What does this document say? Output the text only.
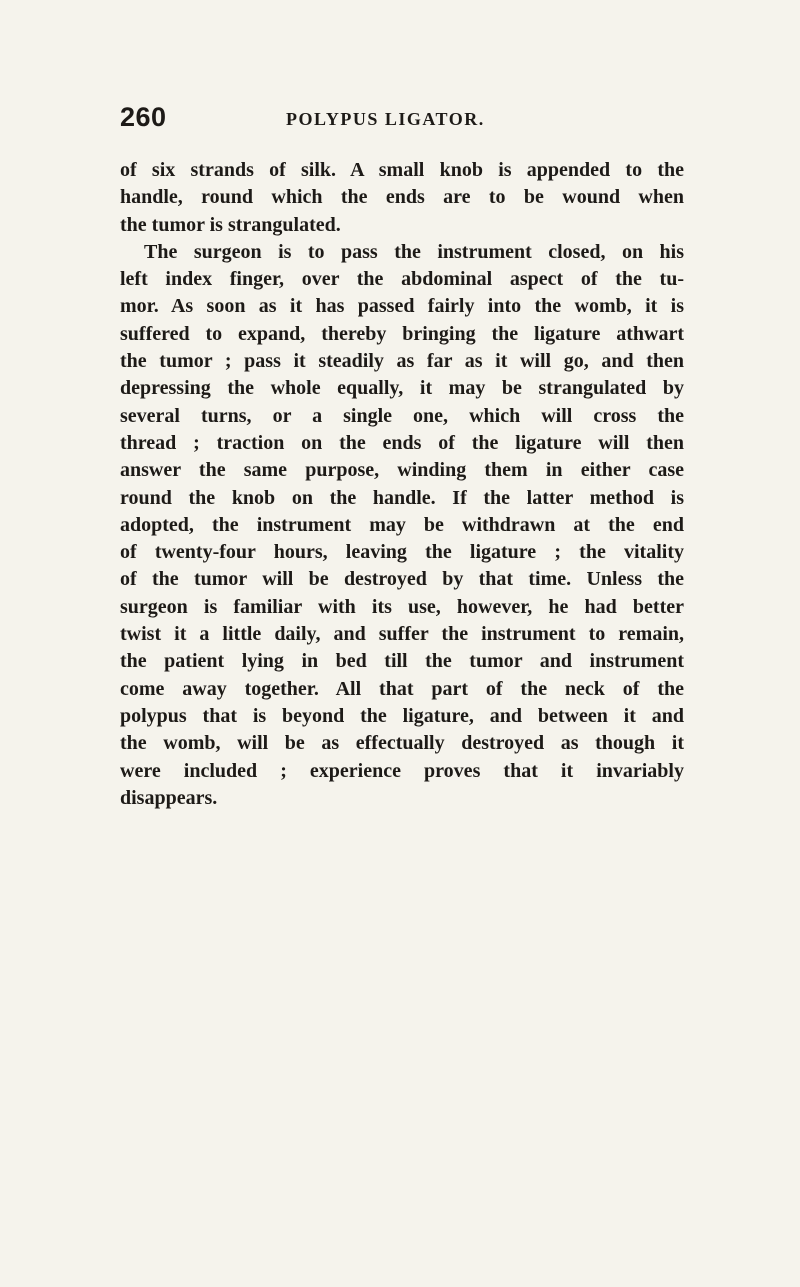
260	POLYPUS LIGATOR.
of six strands of silk. A small knob is appended to the
handle, round which the ends are to be wound when
the tumor is strangulated.
The surgeon is to pass the instrument closed, on his
left index finger, over the abdominal aspect of the tu-
mor. As soon as it has passed fairly into the womb, it is
suffered to expand, thereby bringing the ligature athwart
the tumor ; pass it steadily as far as it will go, and then
depressing the whole equally, it may be strangulated by
several turns, or a single one, which will cross the
thread ; traction on the ends of the ligature will then
answer the same purpose, winding them in either case
round the knob on the handle. If the latter method is
adopted, the instrument may be withdrawn at the end
of twenty-four hours, leaving the ligature ; the vitality
of the tumor will be destroyed by that time. Unless the
surgeon is familiar with its use, however, he had better
twist it a little daily, and suffer the instrument to remain,
the patient lying in bed till the tumor and instrument
come away together. All that part of the neck of the
polypus that is beyond the ligature, and between it and
the womb, will be as effectually destroyed as though it
were included ; experience proves that it invariably
disappears.
